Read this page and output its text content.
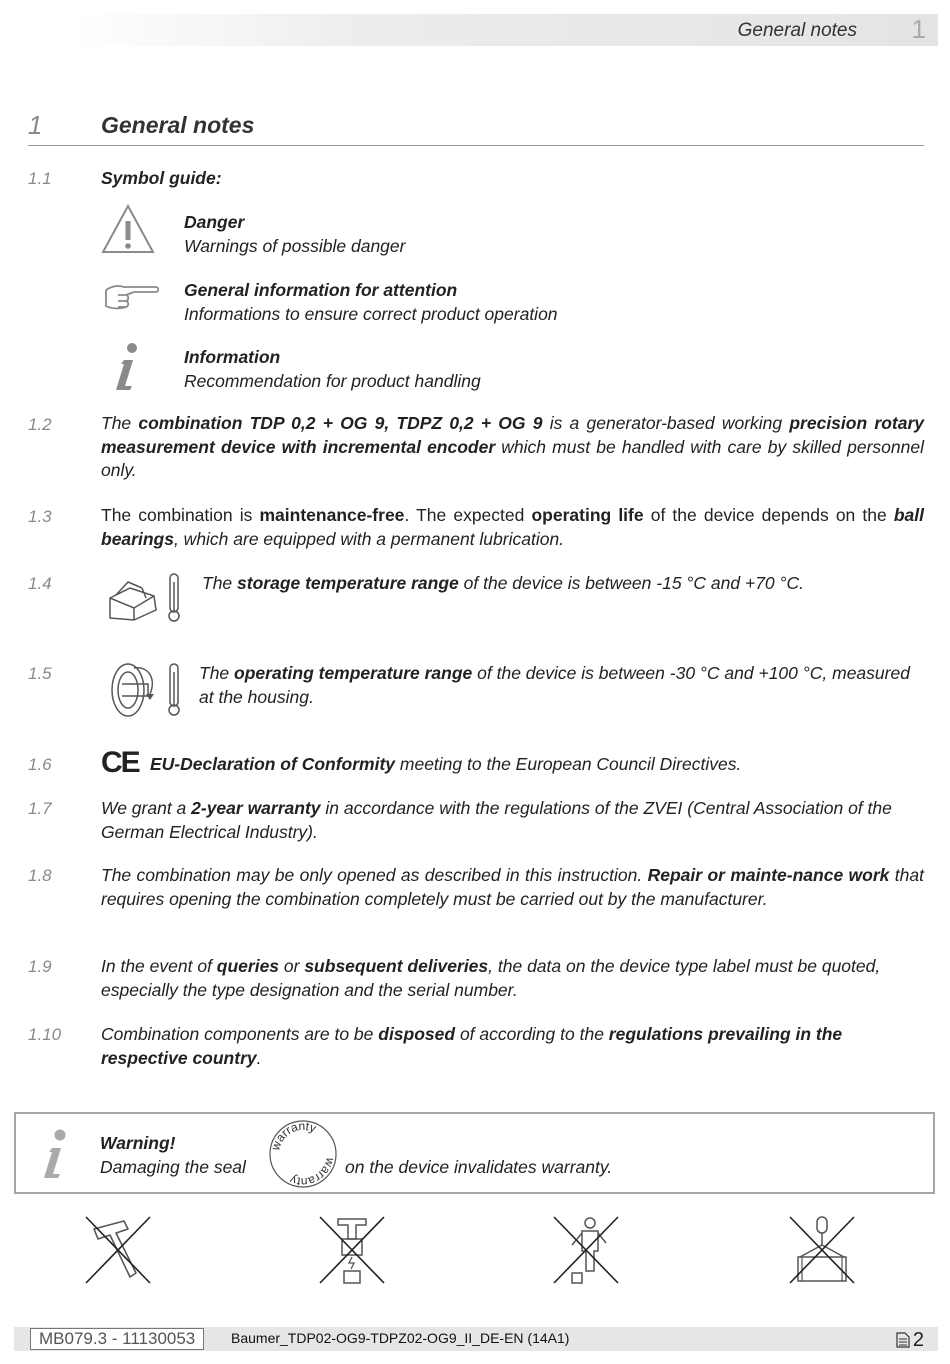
General notes 1
1	General notes
1.1	Symbol guide:
Danger
Warnings of possible danger
General information for attention
Informations to ensure correct product operation
Information
Recommendation for product handling
1.2	The combination TDP 0,2 + OG 9, TDPZ 0,2 + OG 9 is a generator-based working precision rotary measurement device with incremental encoder which must be handled with care by skilled personnel only.
1.3	The combination is maintenance-free. The expected operating life of the device depends on the ball bearings, which are equipped with a permanent lubrication.
1.4	The storage temperature range of the device is between -15 °C and +70 °C.
1.5	The operating temperature range of the device is between -30 °C and +100 °C, measured at the housing.
1.6 CE EU-Declaration of Conformity meeting to the European Council Directives.
1.7	We grant a 2-year warranty in accordance with the regulations of the ZVEI (Central Association of the German Electrical Industry).
1.8	The combination may be only opened as described in this instruction. Repair or mainte-nance work that requires opening the combination completely must be carried out by the manufacturer.
1.9	In the event of queries or subsequent deliveries, the data on the device type label must be quoted, especially the type designation and the serial number.
1.10 Combination components are to be disposed of according to the regulations prevailing in the respective country.
Warning!
Damaging the seal
warranty
warranty
on the device invalidates warranty.
MB079.3 - 11130053	Baumer_TDP02-OG9-TDPZ02-OG9_II_DE-EN (14A1)	2
